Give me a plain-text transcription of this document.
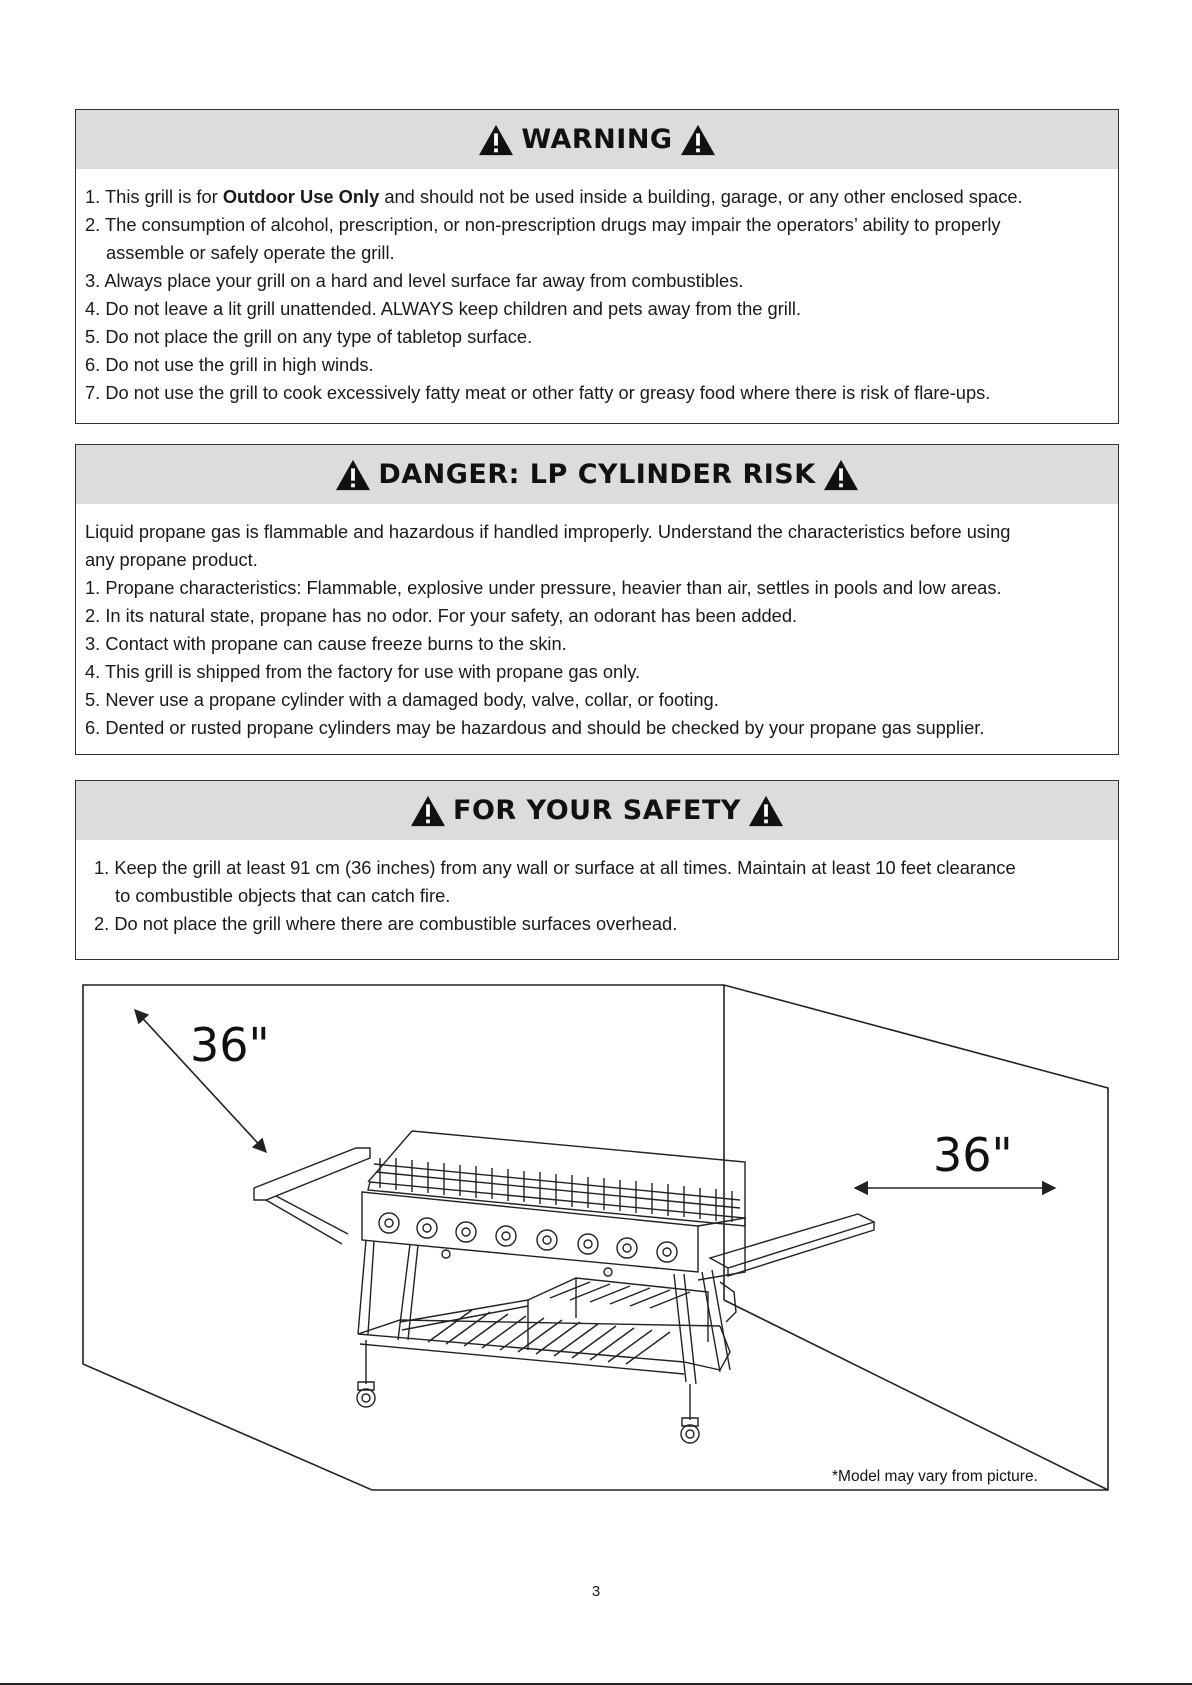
WARNING
1. This grill is for Outdoor Use Only and should not be used inside a building, garage, or any other enclosed space.
2. The consumption of alcohol, prescription, or non-prescription drugs may impair the operators’ ability to properly
assemble or safely operate the grill.
3. Always place your grill on a hard and level surface far away from combustibles.
4. Do not leave a lit grill unattended. ALWAYS keep children and pets away from the grill.
5. Do not place the grill on any type of tabletop surface.
6. Do not use the grill in high winds.
7. Do not use the grill to cook excessively fatty meat or other fatty or greasy food where there is risk of flare-ups.
DANGER: LP CYLINDER RISK
Liquid propane gas is flammable and hazardous if handled improperly. Understand the characteristics before using
any propane product.
1. Propane characteristics: Flammable, explosive under pressure, heavier than air, settles in pools and low areas.
2. In its natural state, propane has no odor. For your safety, an odorant has been added.
3. Contact with propane can cause freeze burns to the skin.
4. This grill is shipped from the factory for use with propane gas only.
5. Never use a propane cylinder with a damaged body, valve, collar, or footing.
6. Dented or rusted propane cylinders may be hazardous and should be checked by your propane gas supplier.
FOR YOUR SAFETY
1. Keep the grill at least 91 cm (36 inches) from any wall or surface at all times. Maintain at least 10 feet clearance
to combustible objects that can catch fire.
2. Do not place the grill where there are combustible surfaces overhead.
36"
36"
*Model may vary from picture.
3
